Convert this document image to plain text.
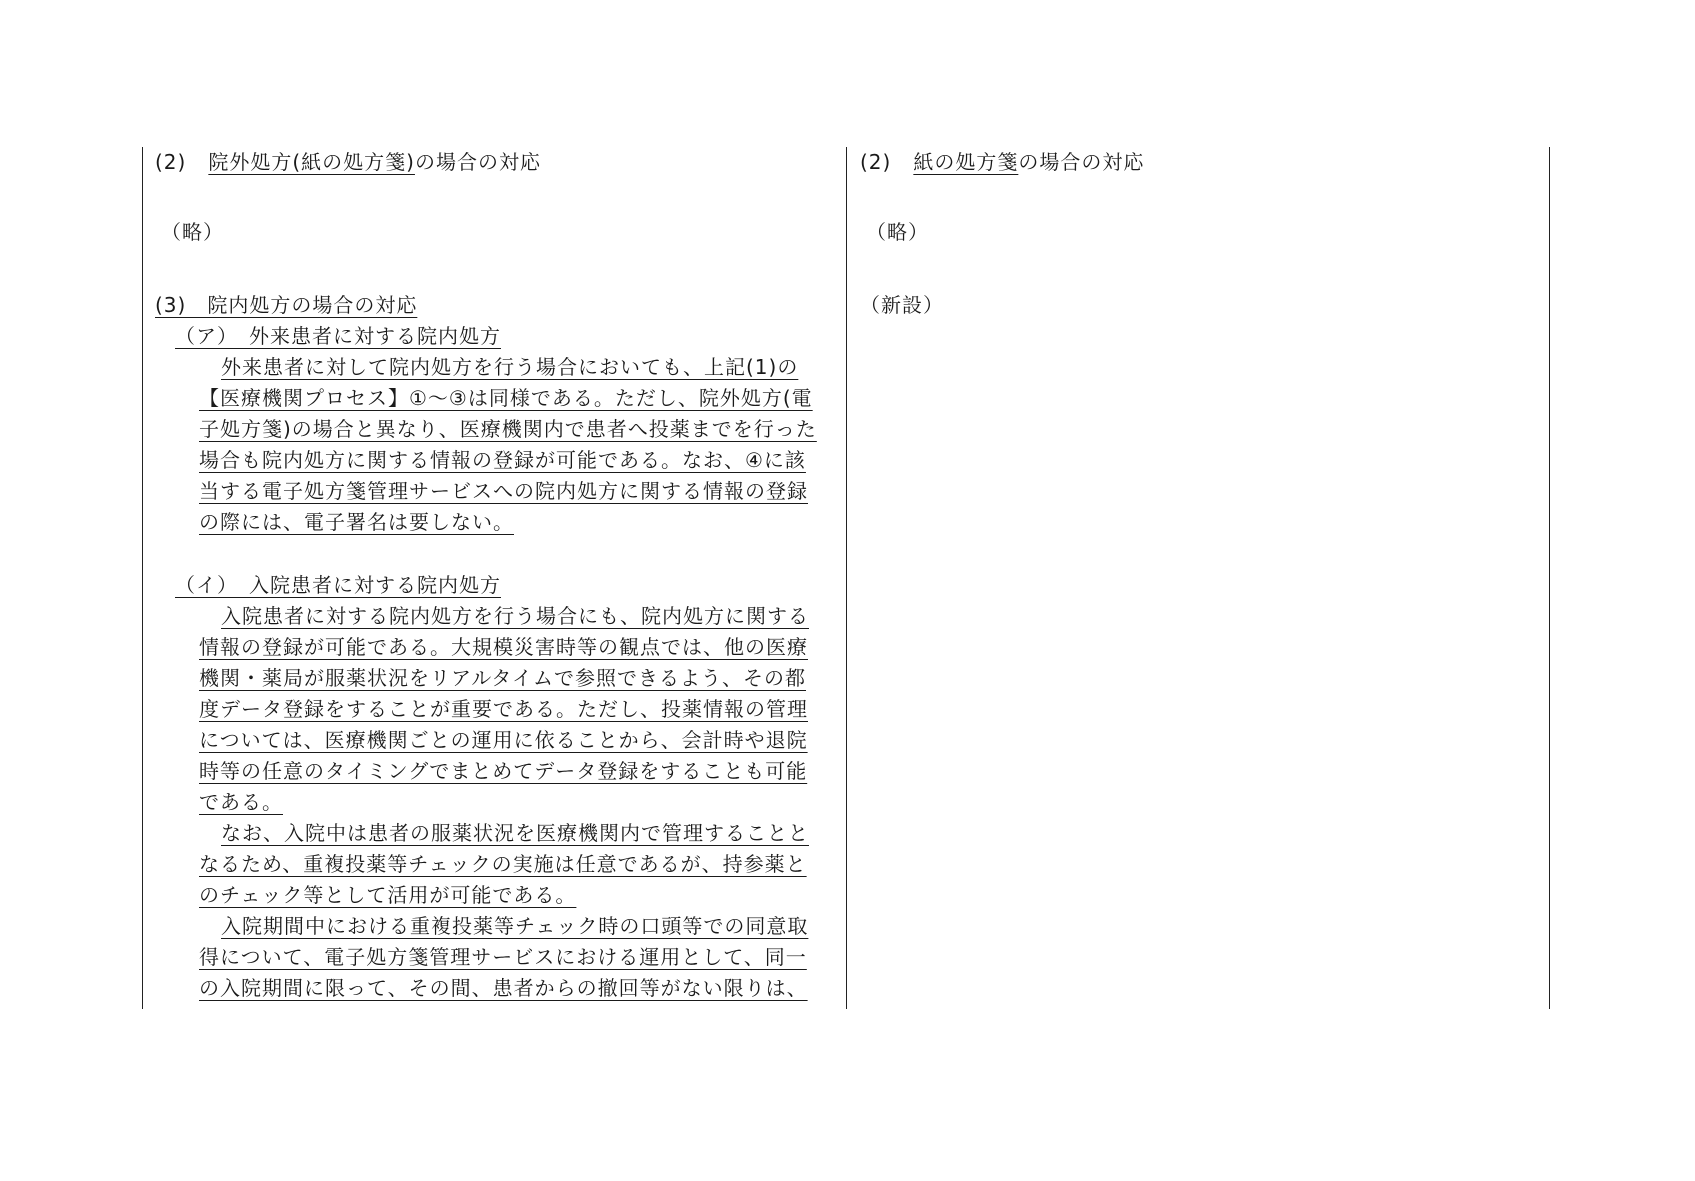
(2) 院外処方(紙の処方箋)の場合の対応
（略）
(3)　院内処方の場合の対応
（ア）　外来患者に対する院内処方
外来患者に対して院内処方を行う場合においても、上記(1)の
【医療機関プロセス】①～③は同様である。ただし、院外処方(電
子処方箋)の場合と異なり、医療機関内で患者へ投薬までを行った
場合も院内処方に関する情報の登録が可能である。なお、④に該
当する電子処方箋管理サービスへの院内処方に関する情報の登録
の際には、電子署名は要しない。
（イ）　入院患者に対する院内処方
入院患者に対する院内処方を行う場合にも、院内処方に関する
情報の登録が可能である。大規模災害時等の観点では、他の医療
機関・薬局が服薬状況をリアルタイムで参照できるよう、その都
度データ登録をすることが重要である。ただし、投薬情報の管理
については、医療機関ごとの運用に依ることから、会計時や退院
時等の任意のタイミングでまとめてデータ登録をすることも可能
である。
なお、入院中は患者の服薬状況を医療機関内で管理することと
なるため、重複投薬等チェックの実施は任意であるが、持参薬と
のチェック等として活用が可能である。
入院期間中における重複投薬等チェック時の口頭等での同意取
得について、電子処方箋管理サービスにおける運用として、同一
の入院期間に限って、その間、患者からの撤回等がない限りは、
(2) 紙の処方箋の場合の対応
（略）
（新設）
